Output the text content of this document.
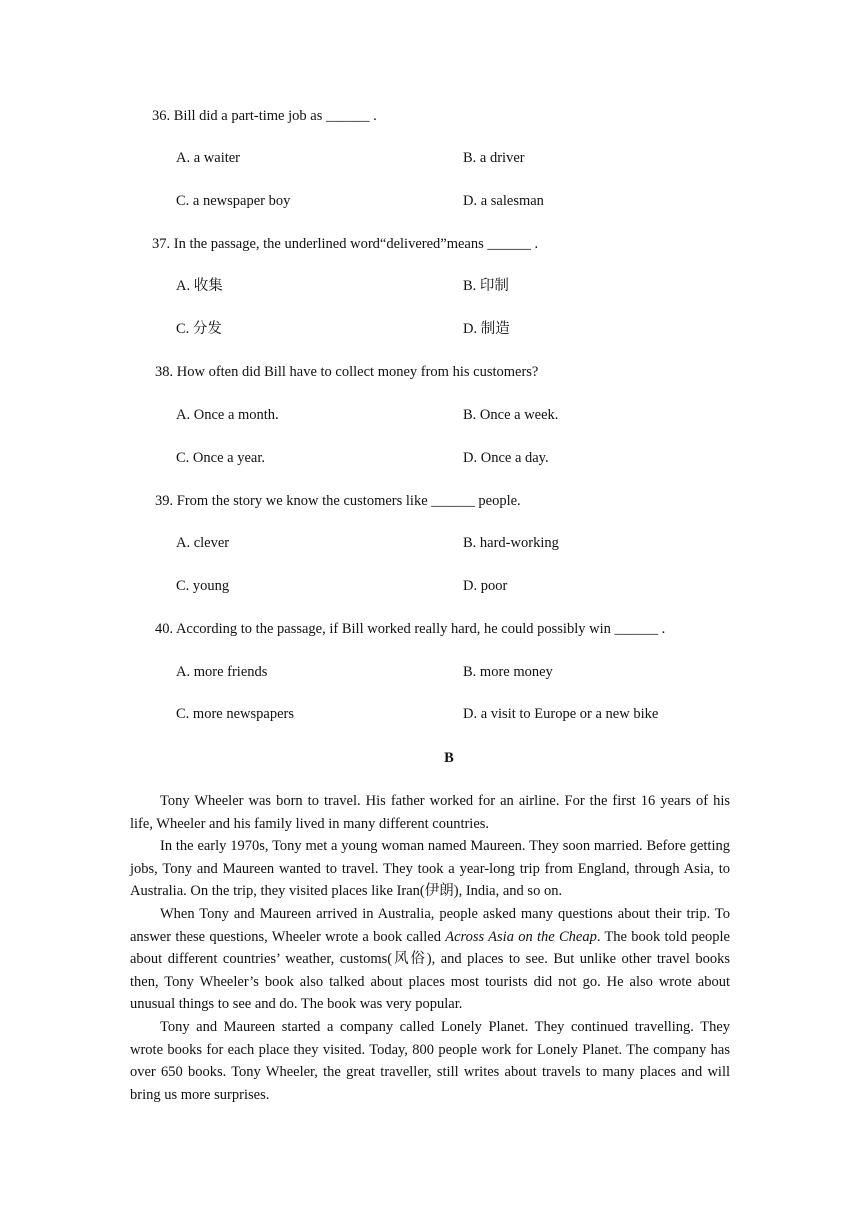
36. Bill did a part-time job as ______ .
A. a waiter	B. a driver
C. a newspaper boy	D. a salesman
37. In the passage, the underlined word“delivered”means ______ .
A. 收集	B. 印制
C. 分发	D. 制造
38. How often did Bill have to collect money from his customers?
A. Once a month.	B. Once a week.
C. Once a year.	D. Once a day.
39. From the story we know the customers like ______ people.
A. clever	B. hard-working
C. young	D. poor
40. According to the passage, if Bill worked really hard, he could possibly win ______ .
A. more friends	B. more money
C. more newspapers	D. a visit to Europe or a new bike
B

Tony Wheeler was born to travel. His father worked for an airline. For the first 16 years of his life, Wheeler and his family lived in many different countries.

In the early 1970s, Tony met a young woman named Maureen. They soon married. Before getting jobs, Tony and Maureen wanted to travel. They took a year-long trip from England, through Asia, to Australia. On the trip, they visited places like Iran(伊朗), India, and so on.

When Tony and Maureen arrived in Australia, people asked many questions about their trip. To answer these questions, Wheeler wrote a book called Across Asia on the Cheap. The book told people about different countries’ weather, customs(风俗), and places to see. But unlike other travel books then, Tony Wheeler’s book also talked about places most tourists did not go. He also wrote about unusual things to see and do. The book was very popular.

Tony and Maureen started a company called Lonely Planet. They continued travelling. They wrote books for each place they visited. Today, 800 people work for Lonely Planet. The company has over 650 books. Tony Wheeler, the great traveller, still writes about travels to many places and will bring us more surprises.
